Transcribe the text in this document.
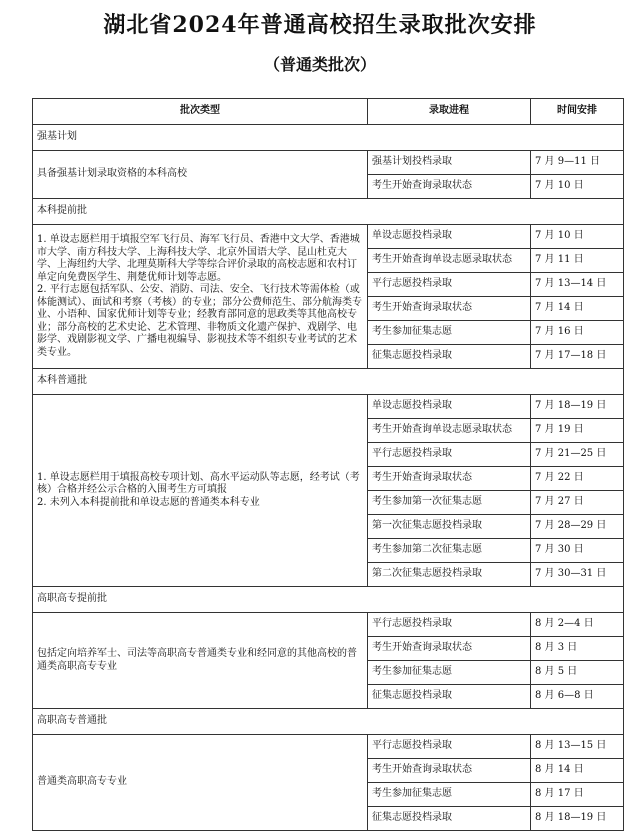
湖北省2024年普通高校招生录取批次安排
（普通类批次）
批次类型	录取进程	时间安排
强基计划		

具备强基计划录取资格的本科高校	强基计划投档录取	7 月 9—11 日
	考生开始查询录取状态	7 月 10 日
本科提前批		

1. 单设志愿栏用于填报空军飞行员、海军飞行员、香港中文大学、香港城市大学、南方科技大学、上海科技大学、北京外国语大学、昆山杜克大学、上海纽约大学、北理莫斯科大学等综合评价录取的高校志愿和农村订单定向免费医学生、荆楚优师计划等志愿。
2. 平行志愿包括军队、公安、消防、司法、安全、飞行技术等需体检（或体能测试）、面试和考察（考核）的专业；部分公费师范生、部分航海类专业、小语种、国家优师计划等专业；经教育部同意的思政类等其他高校专业；部分高校的艺术史论、艺术管理、非物质文化遗产保护、戏剧学、电影学、戏剧影视文学、广播电视编导、影视技术等不组织专业考试的艺术类专业。	单设志愿投档录取	7 月 10 日
	考生开始查询单设志愿录取状态	7 月 11 日
	平行志愿投档录取	7 月 13—14 日
	考生开始查询录取状态	7 月 14 日
	考生参加征集志愿	7 月 16 日
	征集志愿投档录取	7 月 17—18 日
本科普通批		

1. 单设志愿栏用于填报高校专项计划、高水平运动队等志愿，经考试（考核）合格并经公示合格的入围考生方可填报
2. 未列入本科提前批和单设志愿的普通类本科专业	单设志愿投档录取	7 月 18—19 日
	考生开始查询单设志愿录取状态	7 月 19 日
	平行志愿投档录取	7 月 21—25 日
	考生开始查询录取状态	7 月 22 日
	考生参加第一次征集志愿	7 月 27 日
	第一次征集志愿投档录取	7 月 28—29 日
	考生参加第二次征集志愿	7 月 30 日
	第二次征集志愿投档录取	7 月 30—31 日
高职高专提前批		

包括定向培养军士、司法等高职高专普通类专业和经同意的其他高校的普通类高职高专专业	平行志愿投档录取	8 月 2—4 日
	考生开始查询录取状态	8 月 3 日
	考生参加征集志愿	8 月 5 日
	征集志愿投档录取	8 月 6—8 日
高职高专普通批		

普通类高职高专专业	平行志愿投档录取	8 月 13—15 日
	考生开始查询录取状态	8 月 14 日
	考生参加征集志愿	8 月 17 日
	征集志愿投档录取	8 月 18—19 日
